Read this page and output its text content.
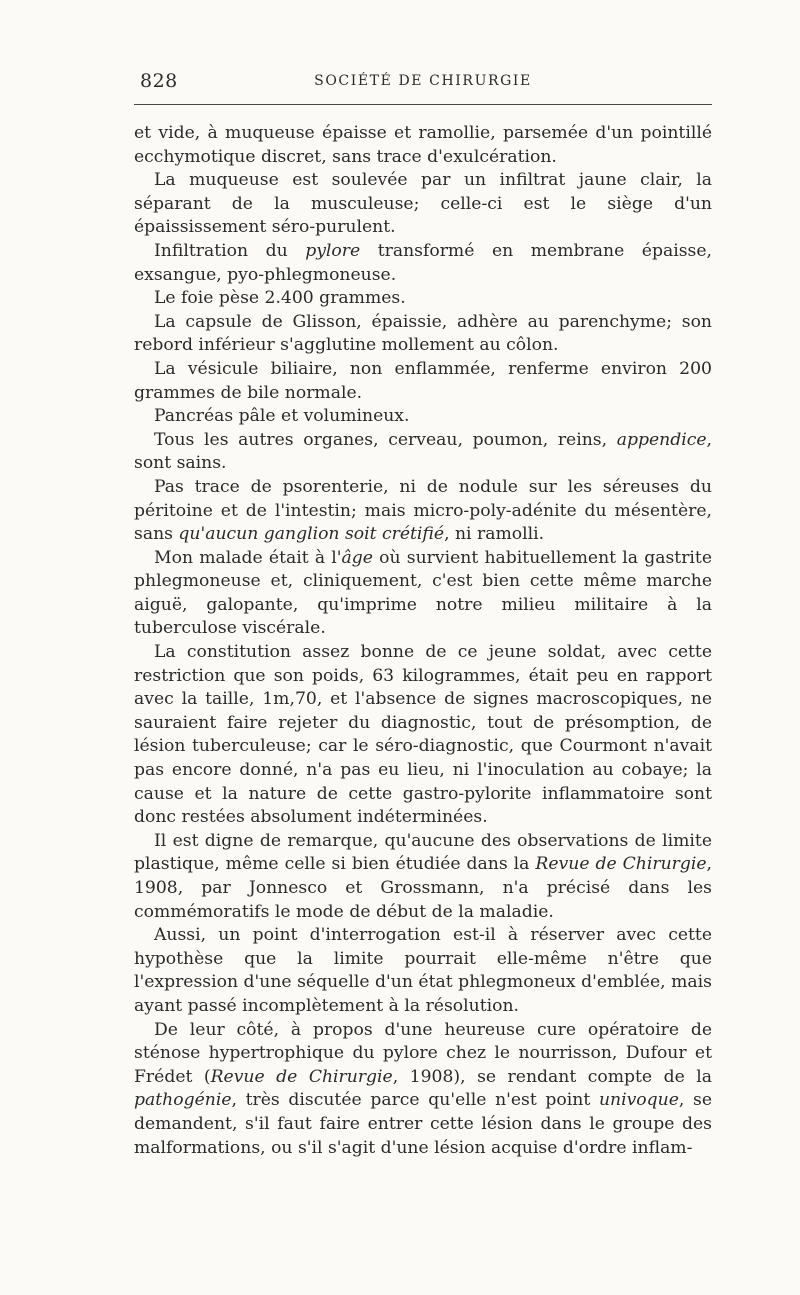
828	SOCIÉTÉ DE CHIRURGIE

et vide, à muqueuse épaisse et ramollie, parsemée d'un pointillé ecchymotique discret, sans trace d'exulcération.

La muqueuse est soulevée par un infiltrat jaune clair, la séparant de la musculeuse; celle-ci est le siège d'un épaississement séro-purulent.

Infiltration du pylore transformé en membrane épaisse, exsangue, pyo-phlegmoneuse.

Le foie pèse 2.400 grammes.

La capsule de Glisson, épaissie, adhère au parenchyme; son rebord inférieur s'agglutine mollement au côlon.

La vésicule biliaire, non enflammée, renferme environ 200 grammes de bile normale.

Pancréas pâle et volumineux.

Tous les autres organes, cerveau, poumon, reins, appendice, sont sains.

Pas trace de psorenterie, ni de nodule sur les séreuses du péritoine et de l'intestin; mais micro-poly-adénite du mésentère, sans qu'aucun ganglion soit crétifié, ni ramolli.

Mon malade était à l'âge où survient habituellement la gastrite phlegmoneuse et, cliniquement, c'est bien cette même marche aiguë, galopante, qu'imprime notre milieu militaire à la tuberculose viscérale.

La constitution assez bonne de ce jeune soldat, avec cette restriction que son poids, 63 kilogrammes, était peu en rapport avec la taille, 1m,70, et l'absence de signes macroscopiques, ne sauraient faire rejeter du diagnostic, tout de présomption, de lésion tuberculeuse; car le séro-diagnostic, que Courmont n'avait pas encore donné, n'a pas eu lieu, ni l'inoculation au cobaye; la cause et la nature de cette gastro-pylorite inflammatoire sont donc restées absolument indéterminées.

Il est digne de remarque, qu'aucune des observations de limite plastique, même celle si bien étudiée dans la Revue de Chirurgie, 1908, par Jonnesco et Grossmann, n'a précisé dans les commémoratifs le mode de début de la maladie.

Aussi, un point d'interrogation est-il à réserver avec cette hypothèse que la limite pourrait elle-même n'être que l'expression d'une séquelle d'un état phlegmoneux d'emblée, mais ayant passé incomplètement à la résolution.

De leur côté, à propos d'une heureuse cure opératoire de sténose hypertrophique du pylore chez le nourrisson, Dufour et Frédet (Revue de Chirurgie, 1908), se rendant compte de la pathogénie, très discutée parce qu'elle n'est point univoque, se demandent, s'il faut faire entrer cette lésion dans le groupe des malformations, ou s'il s'agit d'une lésion acquise d'ordre inflam-
